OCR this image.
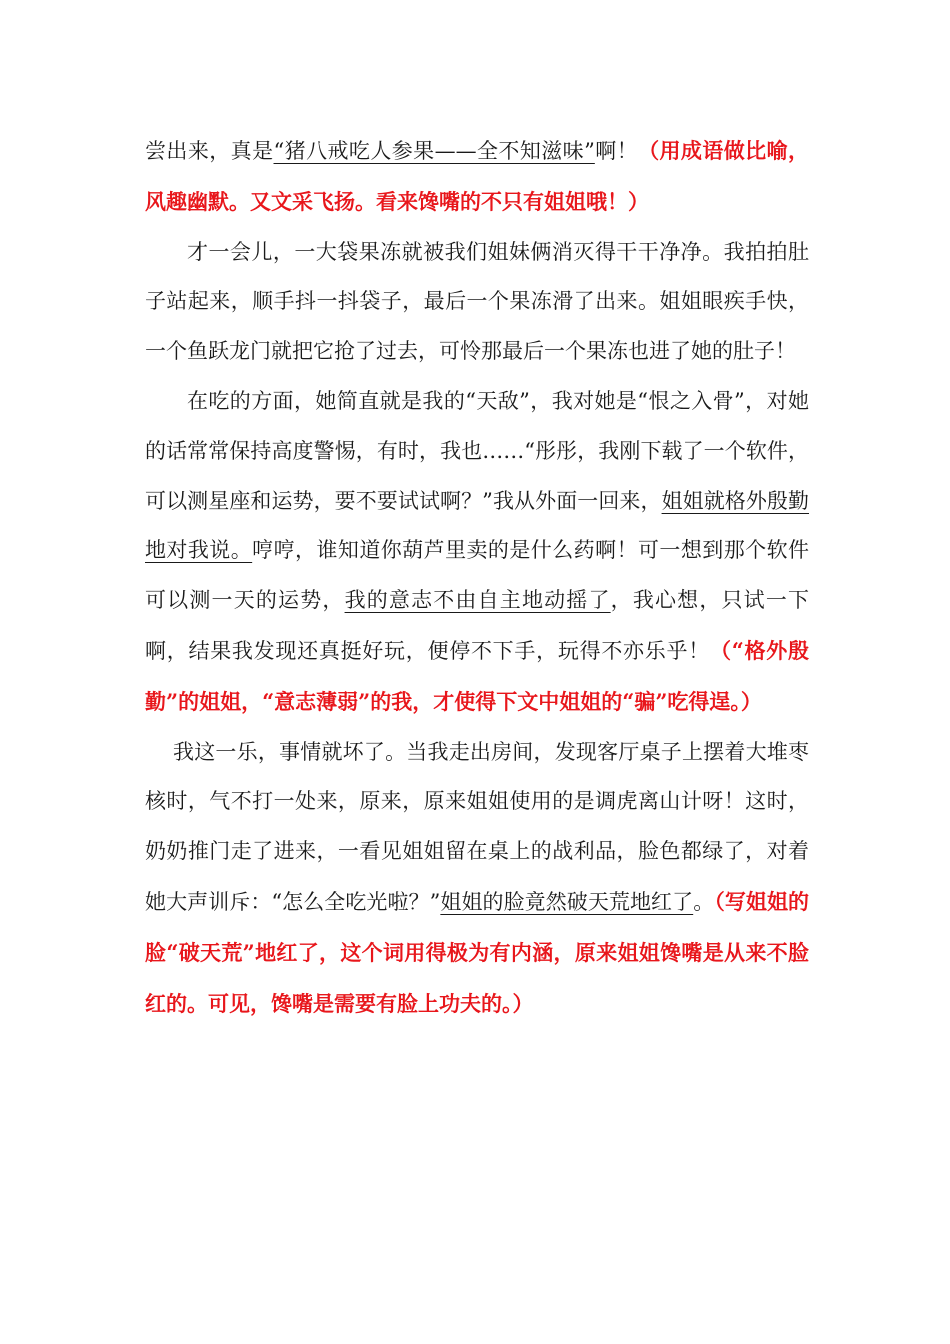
尝出来，真是“猪八戒吃人参果——全不知滋味”啊！（用成语做比喻，风趣幽默。又文采飞扬。看来馋嘴的不只有姐姐哦！）

才一会儿，一大袋果冻就被我们姐妹俩消灭得干干净净。我拍拍肚子站起来，顺手抖一抖袋子，最后一个果冻滑了出来。姐姐眼疾手快，一个鱼跃龙门就把它抢了过去，可怜那最后一个果冻也进了她的肚子！

在吃的方面，她简直就是我的“天敌”，我对她是“恨之入骨”，对她的话常常保持高度警惕，有时，我也……“彤彤，我刚下载了一个软件，可以测星座和运势，要不要试试啊？”我从外面一回来，姐姐就格外殷勤地对我说。哼哼，谁知道你葫芦里卖的是什么药啊！可一想到那个软件可以测一天的运势，我的意志不由自主地动摇了，我心想，只试一下啊，结果我发现还真挺好玩，便停不下手，玩得不亦乐乎！（“格外殷勤”的姐姐，“意志薄弱”的我，才使得下文中姐姐的“骗”吃得逞。）

我这一乐，事情就坏了。当我走出房间，发现客厅桌子上摆着大堆枣核时，气不打一处来，原来，原来姐姐使用的是调虎离山计呀！这时，奶奶推门走了进来，一看见姐姐留在桌上的战利品，脸色都绿了，对着她大声训斥：“怎么全吃光啦？”姐姐的脸竟然破天荒地红了。（写姐姐的脸“破天荒”地红了，这个词用得极为有内涵，原来姐姐馋嘴是从来不脸红的。可见，馋嘴是需要有脸上功夫的。）
